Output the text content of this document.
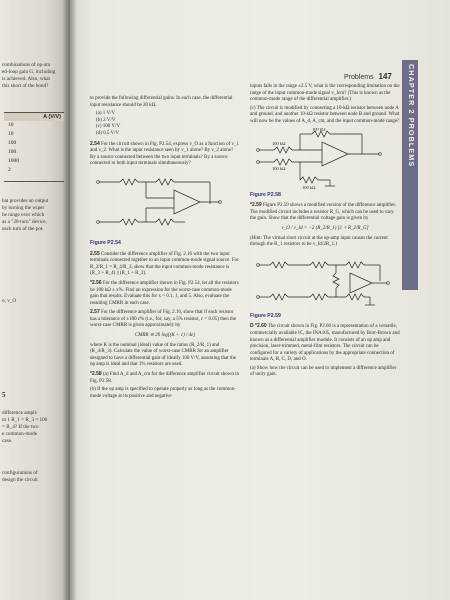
combinations of op-am
ed-loop gain G, including
is achieved. Also, what
this short of the bond?
A (V/V)
10
10
100
100
1000
2
hat provides an output
by turning the wiper
he range over which
as a "20-turn" device,
each turn of the pot.
o, v_O
5
difference ampli-
m 1 R_1 = R_3 = 100
= R_4? If the two
e common-mode
case.
configurations of
design the circuit
Problems 147	CHAPTER 2 PROBLEMS

to provide the following differential gains. In each case, the differential input resistance should be 20 kΩ.

(a) 1 V/V
(b) 2 V/V
(c) 100 V/V
(d) 0.5 V/V

2.54 For the circuit shown in Fig. P2.54, express v_O as a function of v_1 and v_2. What is the input resistance seen by v_1 alone? By v_2 alone? By a source connected between the two input terminals? By a source connected to both input terminals simultaneously?

Figure P2.54

2.55 Consider the difference amplifier of Fig. 2.16 with the two input terminals connected together to an input common-mode signal source. For R_2/R_1 = R_4/R_3, show that the input common-mode resistance is (R_3 + R_4) || (R_1 + R_2).

*2.56 For the difference amplifier shown in Fig. P2.54, let all the resistors be 100 kΩ ± x%. Find an expression for the worst-case common-mode gain that results. Evaluate this for x = 0.1, 1, and 5. Also, evaluate the resulting CMRR in each case.

2.57 For the difference amplifier of Fig. 2.16, show that if each resistor has a tolerance of ±100 ε% (i.e., for, say, a 5% resistor, ε = 0.05) then the worst-case CMRR is given approximately by

CMRR ≅ 20 log[(K + 1) / 4ε]

where K is the nominal (ideal) value of the ratios (R_2/R_1) and (R_4/R_3). Calculate the value of worst-case CMRR for an amplifier designed to have a differential gain of ideally 100 V/V, assuming that the op amp is ideal and that 1% resistors are used.

*2.58 (a) Find A_d and A_cm for the difference amplifier circuit shown in Fig. P2.58.

(b) If the op amp is specified to operate properly as long as the common-mode voltage at its positive and negative

inputs falls in the range ±2.5 V, what is the corresponding limitation on the range of the input common-mode signal v_Icm? (This is known as the common-mode range of the differential amplifier.)

(c) The circuit is modified by connecting a 10-kΩ resistor between node A and ground, and another 10-kΩ resistor between node B and ground. What will now be the values of A_d, A_cm, and the input common-mode range?

100 kΩ
100 kΩ
100 kΩ
100 kΩ
Figure P2.58

*2.59 Figure P2.59 shows a modified version of the difference amplifier. The modified circuit includes a resistor R_G, which can be used to vary the gain. Show that the differential voltage gain is given by

v_O / v_Id = −2 (R_2/R_1) [1 + R_2/R_G]

(Hint: The virtual short circuit at the op-amp input causes the current through the R_1 resistors to be v_Id/2R_1.)

Figure P2.59

D *2.60 The circuit shown in Fig. P2.60 is a representation of a versatile, commercially available IC, the INA105, manufactured by Burr-Brown and known as a differential amplifier module. It consists of an op amp and precision, laser-trimmed, metal-film resistors. The circuit can be configured for a variety of applications by the appropriate connection of terminals A, B, C, D, and O.

(a) Show how the circuit can be used to implement a difference amplifier of unity gain.
